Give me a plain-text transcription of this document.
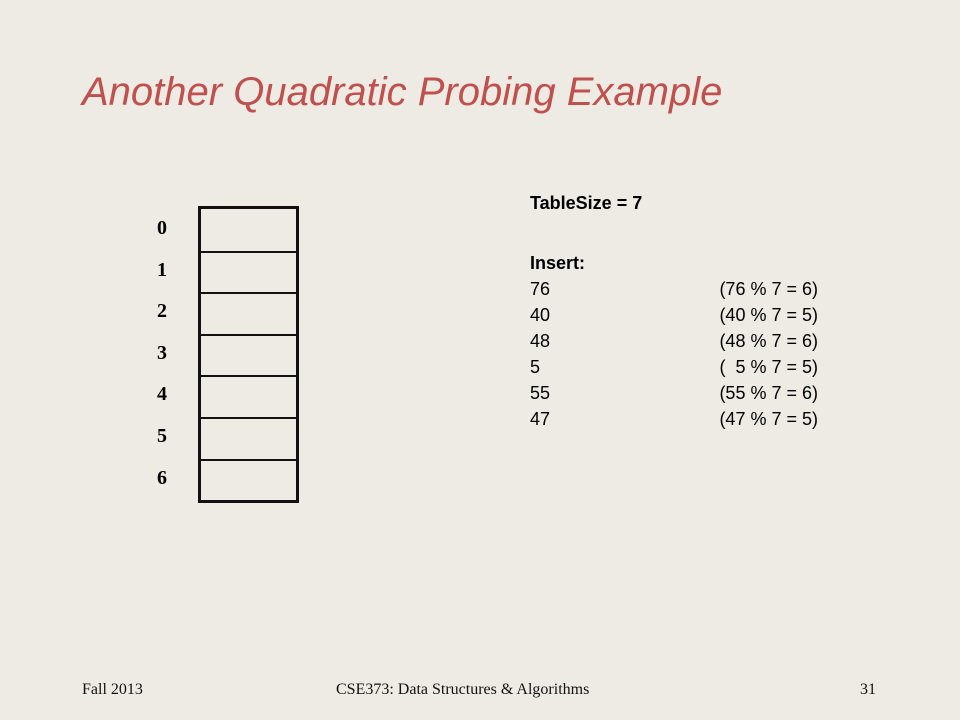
Another Quadratic Probing Example
0
1
2
3
4
5
6
TableSize = 7
Insert:
76	(76 % 7 = 6)
40	(40 % 7 = 5)
48	(48 % 7 = 6)
5	(  5 % 7 = 5)
55	(55 % 7 = 6)
47	(47 % 7 = 5)
Fall 2013	CSE373: Data Structures & Algorithms	31
